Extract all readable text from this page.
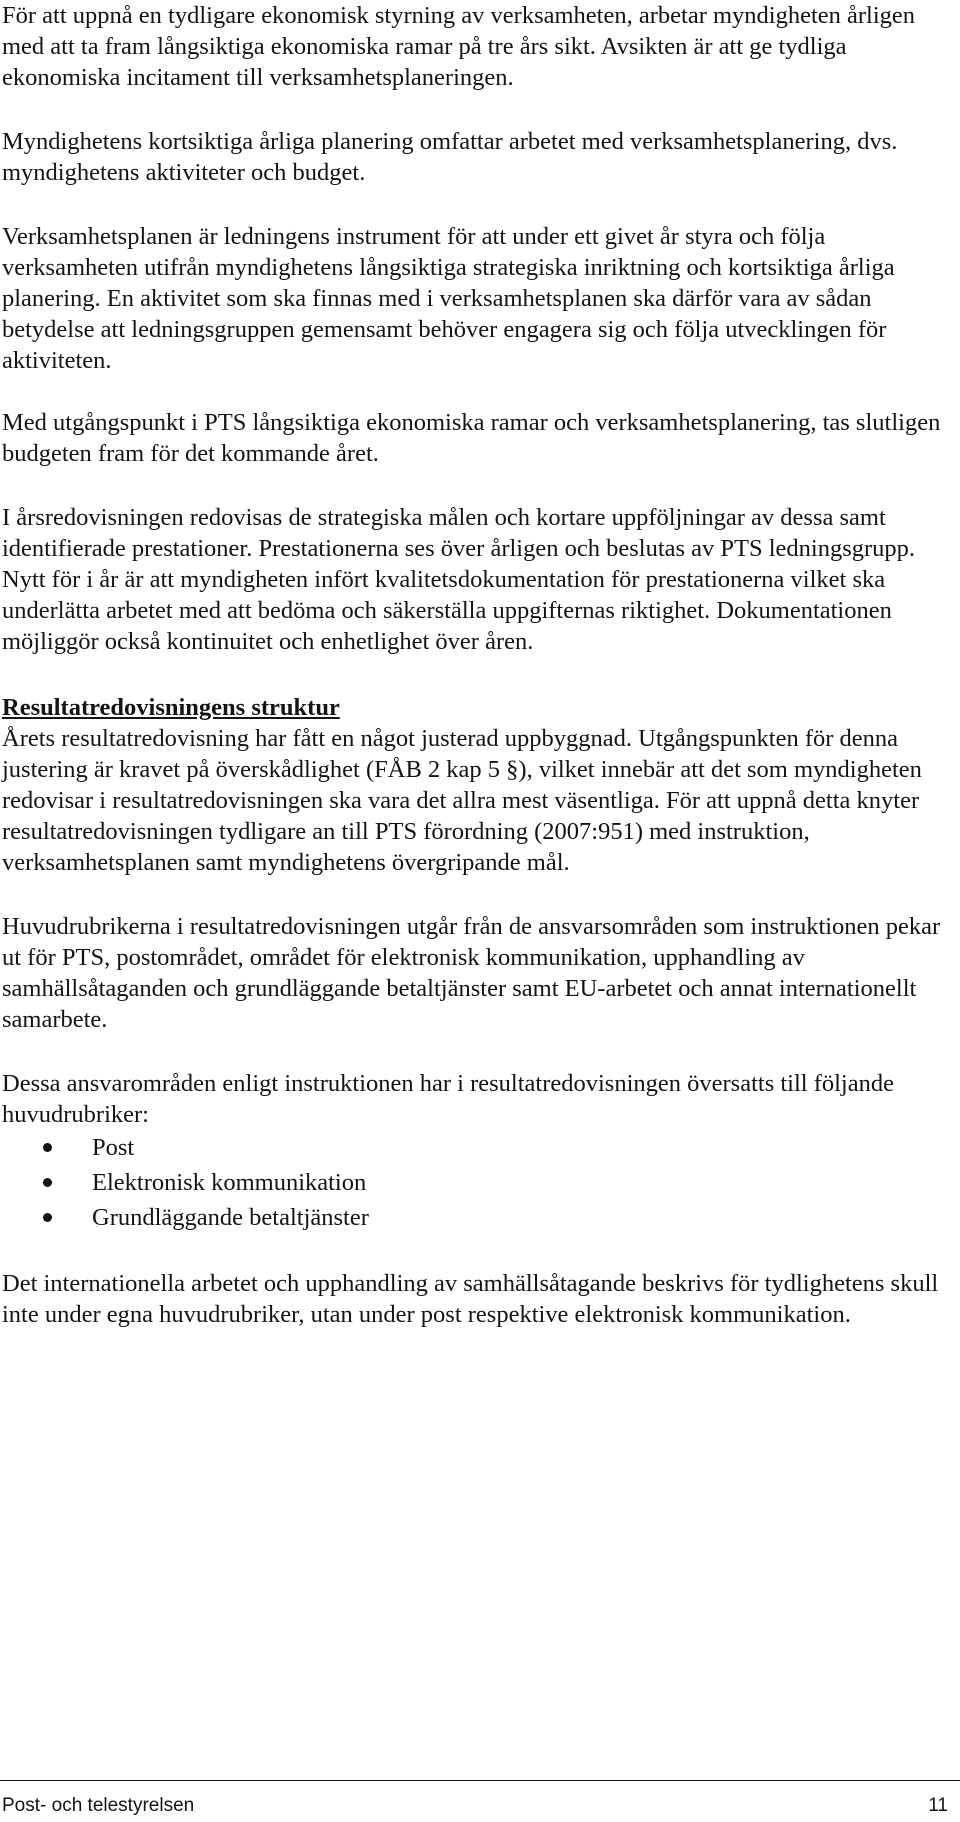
För att uppnå en tydligare ekonomisk styrning av verksamheten, arbetar myndigheten årligen med att ta fram långsiktiga ekonomiska ramar på tre års sikt. Avsikten är att ge tydliga ekonomiska incitament till verksamhetsplaneringen.

Myndighetens kortsiktiga årliga planering omfattar arbetet med verksamhetsplanering, dvs. myndighetens aktiviteter och budget.

Verksamhetsplanen är ledningens instrument för att under ett givet år styra och följa verksamheten utifrån myndighetens långsiktiga strategiska inriktning och kortsiktiga årliga planering. En aktivitet som ska finnas med i verksamhetsplanen ska därför vara av sådan betydelse att ledningsgruppen gemensamt behöver engagera sig och följa utvecklingen för aktiviteten.

Med utgångspunkt i PTS långsiktiga ekonomiska ramar och verksamhetsplanering, tas slutligen budgeten fram för det kommande året.

I årsredovisningen redovisas de strategiska målen och kortare uppföljningar av dessa samt identifierade prestationer. Prestationerna ses över årligen och beslutas av PTS ledningsgrupp. Nytt för i år är att myndigheten infört kvalitetsdokumentation för prestationerna vilket ska underlätta arbetet med att bedöma och säkerställa uppgifternas riktighet. Dokumentationen möjliggör också kontinuitet och enhetlighet över åren.

Resultatredovisningens struktur

Årets resultatredovisning har fått en något justerad uppbyggnad. Utgångspunkten för denna justering är kravet på överskådlighet (FÅB 2 kap 5 §), vilket innebär att det som myndigheten redovisar i resultatredovisningen ska vara det allra mest väsentliga. För att uppnå detta knyter resultatredovisningen tydligare an till PTS förordning (2007:951) med instruktion, verksamhetsplanen samt myndighetens övergripande mål.

Huvudrubrikerna i resultatredovisningen utgår från de ansvarsområden som instruktionen pekar ut för PTS, postområdet, området för elektronisk kommunikation, upphandling av samhällsåtaganden och grundläggande betaltjänster samt EU-arbetet och annat internationellt samarbete.

Dessa ansvarområden enligt instruktionen har i resultatredovisningen översatts till följande huvudrubriker:

Post
Elektronisk kommunikation
Grundläggande betaltjänster

Det internationella arbetet och upphandling av samhällsåtagande beskrivs för tydlighetens skull inte under egna huvudrubriker, utan under post respektive elektronisk kommunikation.

Post- och telestyrelsen	11
